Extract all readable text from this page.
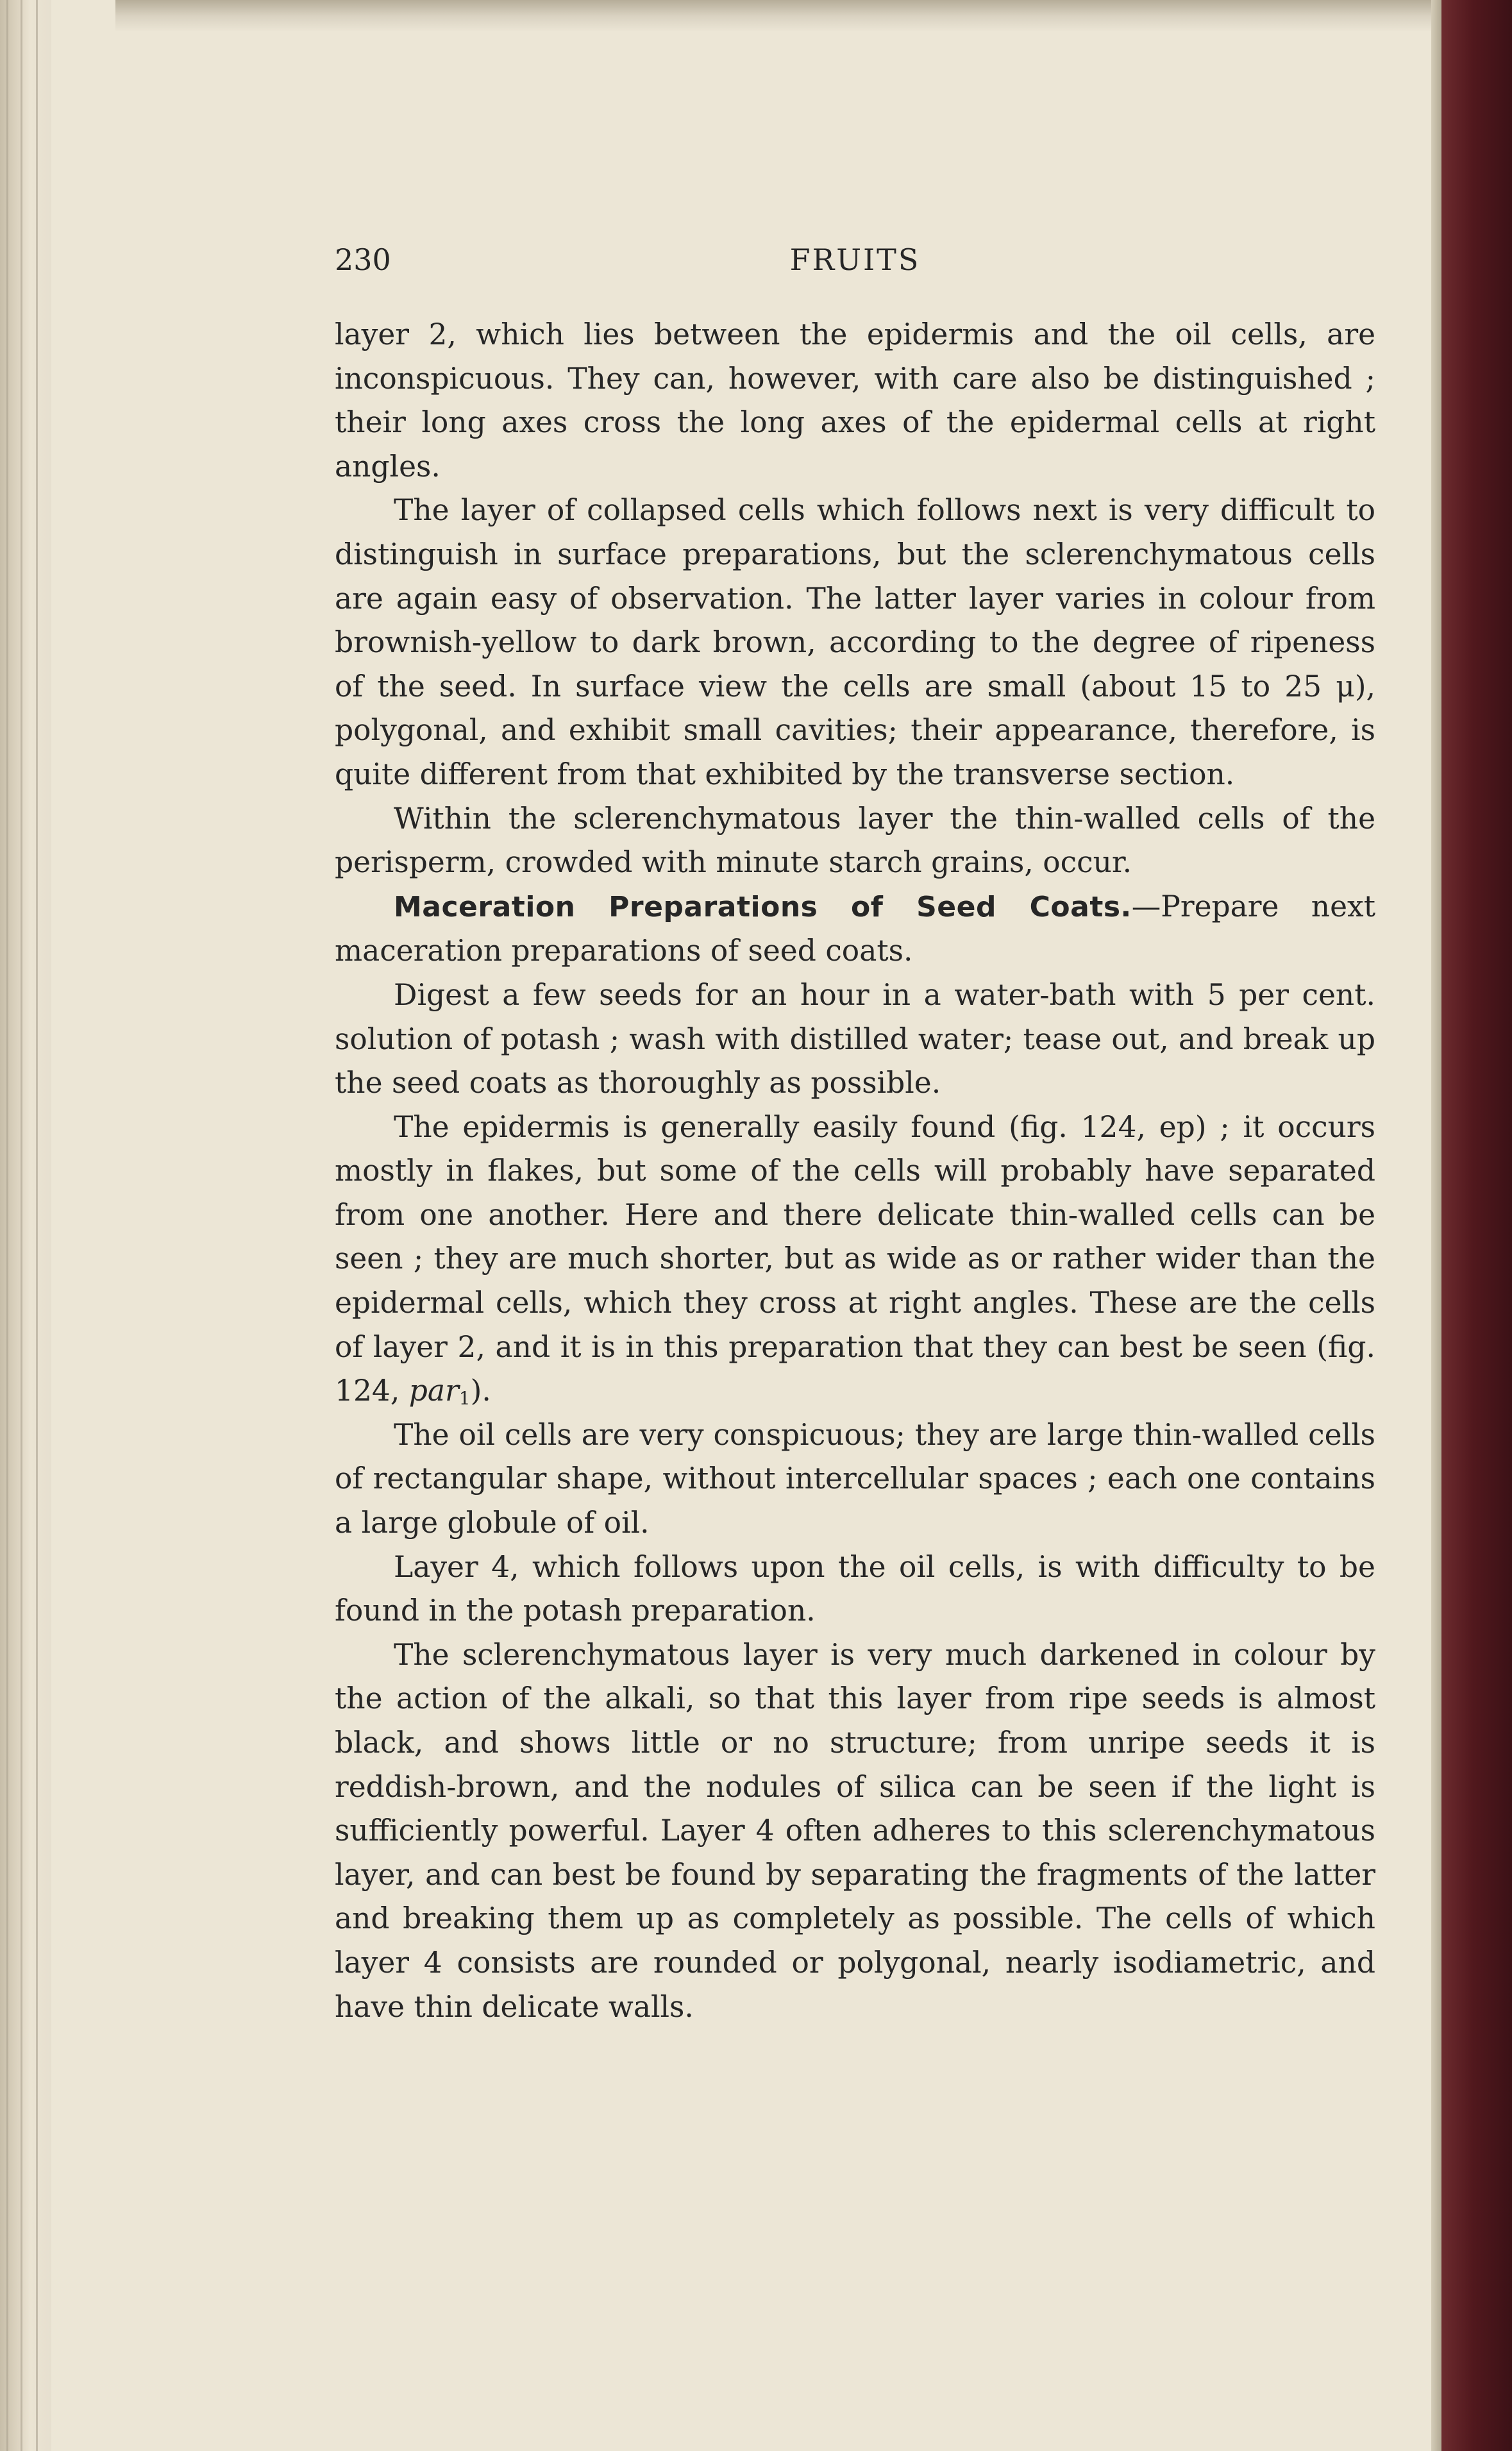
230	FRUITS

layer 2, which lies between the epidermis and the oil cells, are inconspicuous. They can, however, with care also be distinguished ; their long axes cross the long axes of the epidermal cells at right angles.

The layer of collapsed cells which follows next is very difficult to distinguish in surface preparations, but the sclerenchymatous cells are again easy of observation. The latter layer varies in colour from brownish-yellow to dark brown, according to the degree of ripeness of the seed. In surface view the cells are small (about 15 to 25 μ), polygonal, and exhibit small cavities; their appearance, therefore, is quite different from that exhibited by the transverse section.

Within the sclerenchymatous layer the thin-walled cells of the perisperm, crowded with minute starch grains, occur.

Maceration Preparations of Seed Coats.—Prepare next maceration preparations of seed coats.

Digest a few seeds for an hour in a water-bath with 5 per cent. solution of potash ; wash with distilled water; tease out, and break up the seed coats as thoroughly as possible.

The epidermis is generally easily found (fig. 124, ep) ; it occurs mostly in flakes, but some of the cells will probably have separated from one another. Here and there delicate thin-walled cells can be seen ; they are much shorter, but as wide as or rather wider than the epidermal cells, which they cross at right angles. These are the cells of layer 2, and it is in this preparation that they can best be seen (fig. 124, par$_1$).

The oil cells are very conspicuous; they are large thin-walled cells of rectangular shape, without intercellular spaces ; each one contains a large globule of oil.

Layer 4, which follows upon the oil cells, is with difficulty to be found in the potash preparation.

The sclerenchymatous layer is very much darkened in colour by the action of the alkali, so that this layer from ripe seeds is almost black, and shows little or no structure; from unripe seeds it is reddish-brown, and the nodules of silica can be seen if the light is sufficiently powerful. Layer 4 often adheres to this sclerenchymatous layer, and can best be found by separating the fragments of the latter and breaking them up as completely as possible. The cells of which layer 4 consists are rounded or polygonal, nearly isodiametric, and have thin delicate walls.
